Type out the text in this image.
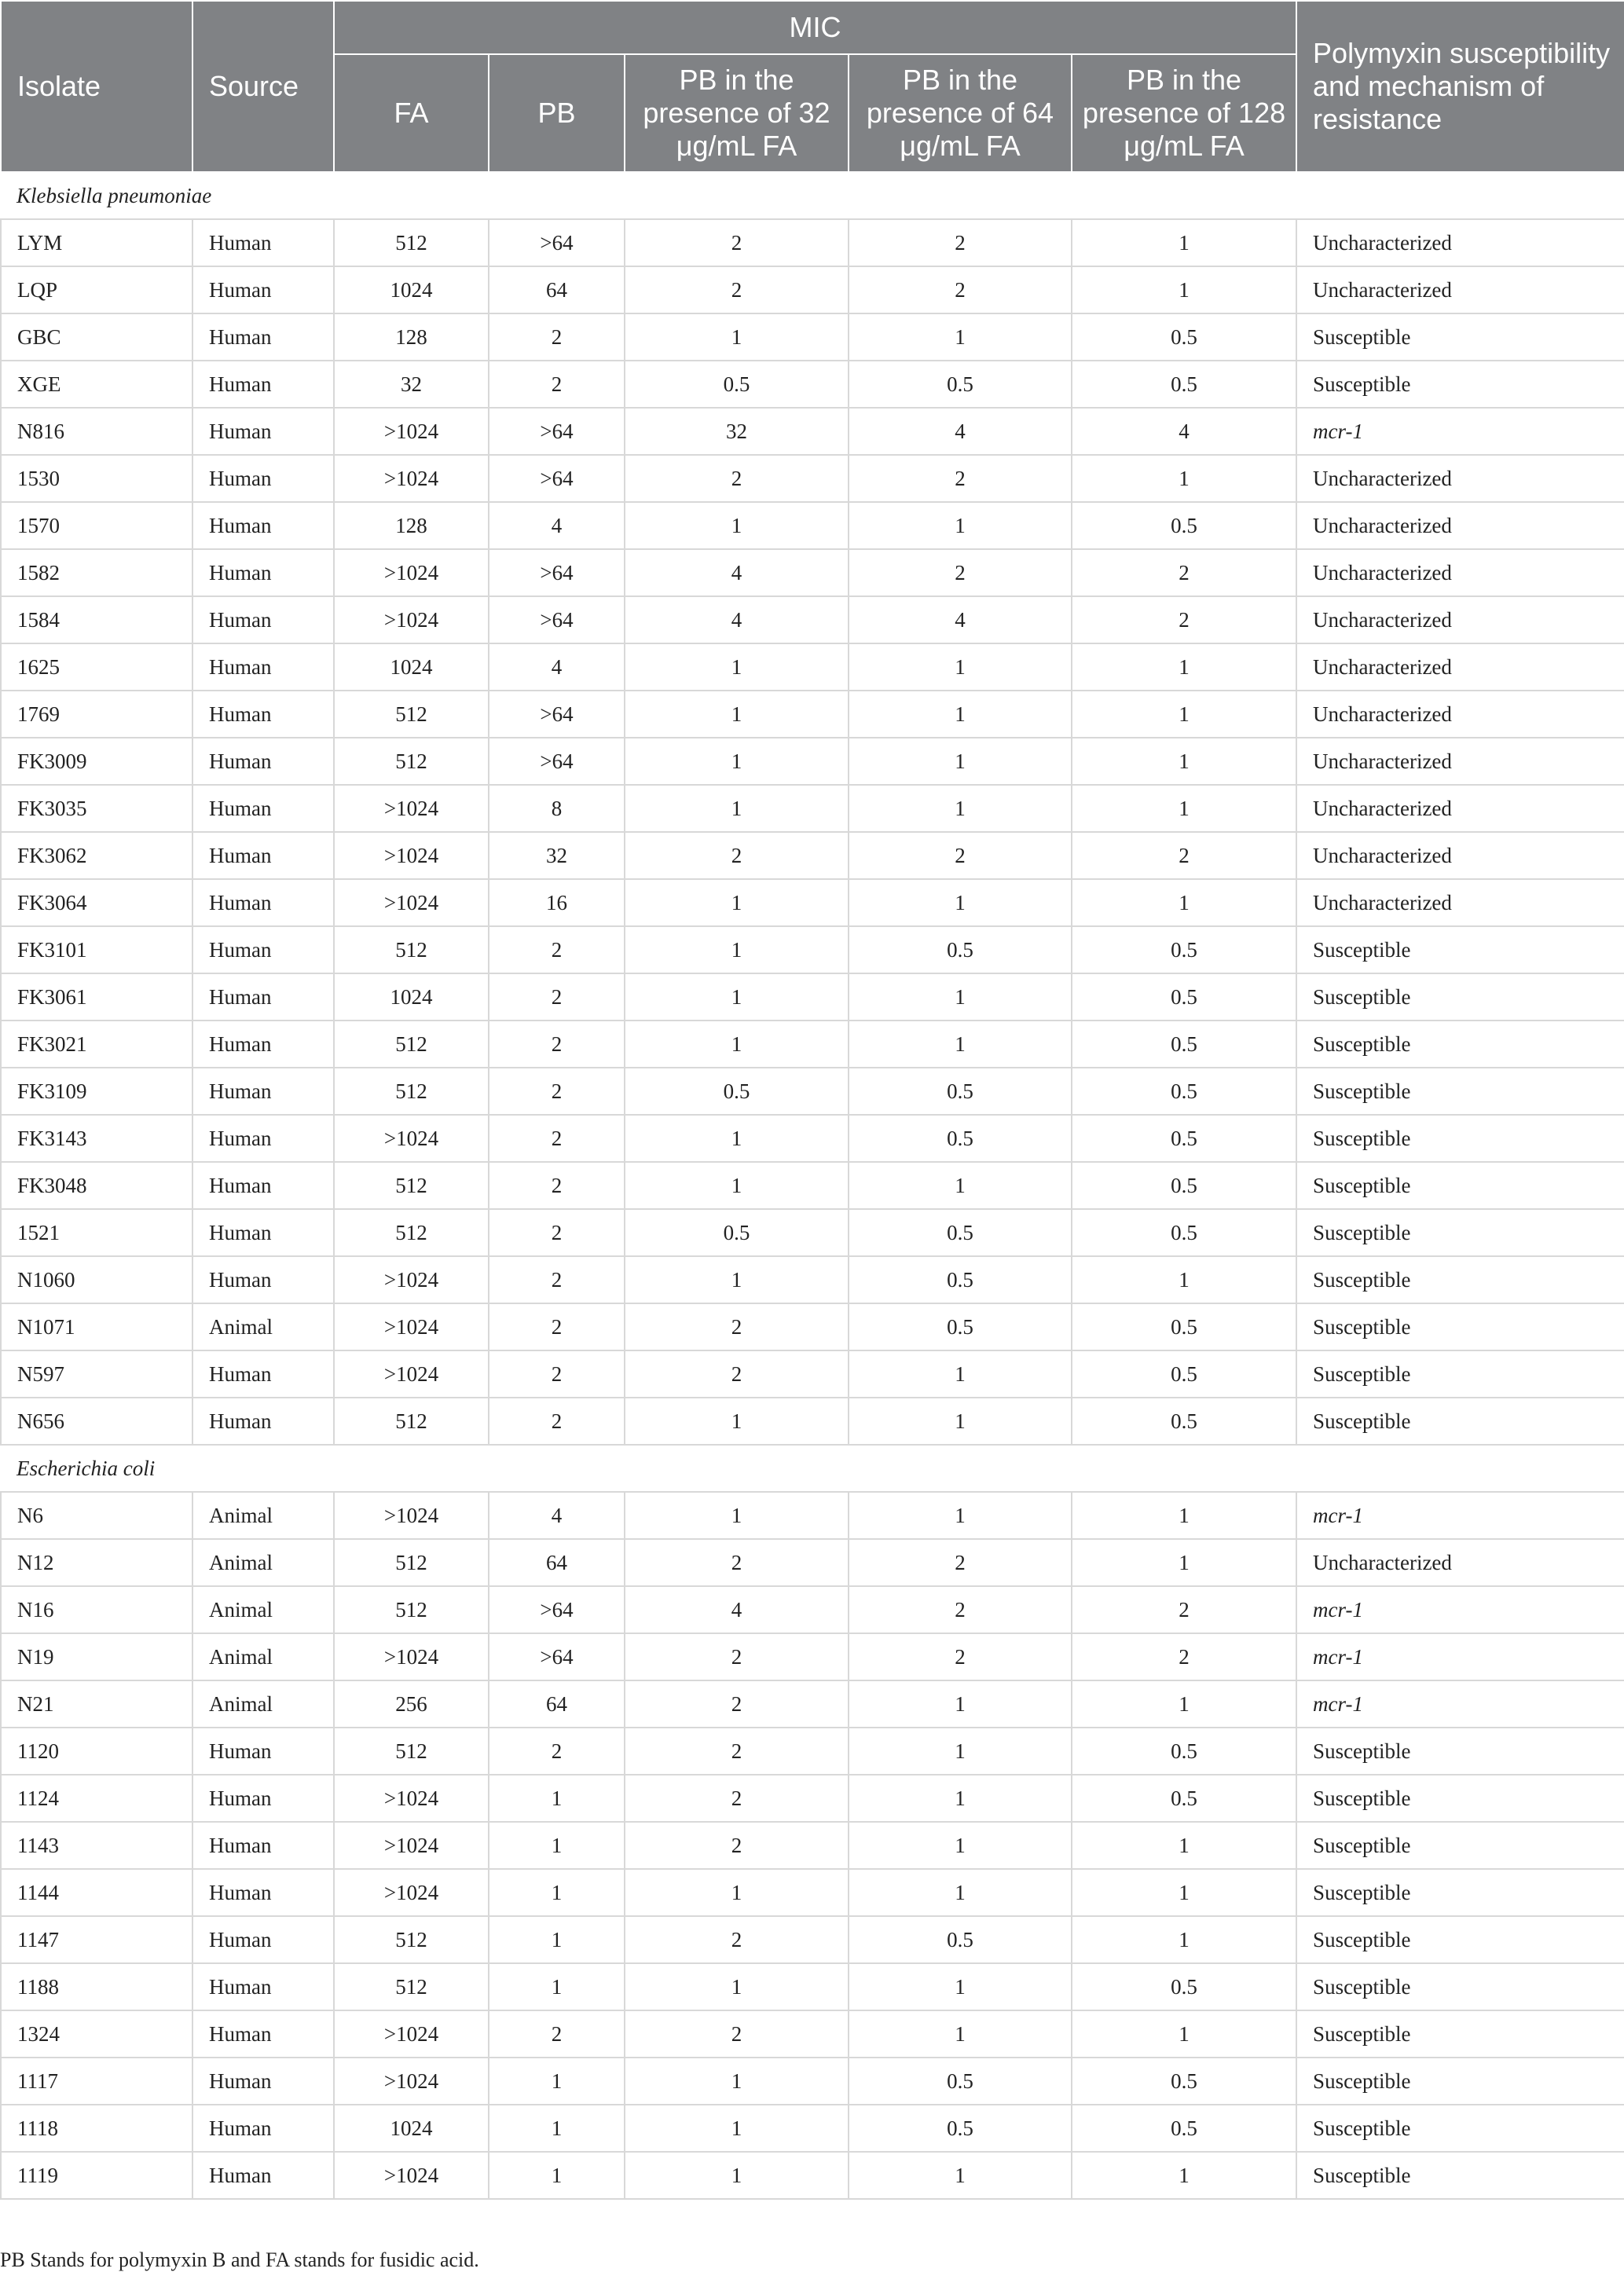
Isolate	Source	MIC					Polymyxin susceptibility and mechanism of resistance
		FA	PB	PB in the presence of 32 μg/mL FA	PB in the presence of 64 μg/mL FA	PB in the presence of 128 μg/mL FA	
Klebsiella pneumoniae							
LYM	Human	512	>64	2	2	1	Uncharacterized
LQP	Human	1024	64	2	2	1	Uncharacterized
GBC	Human	128	2	1	1	0.5	Susceptible
XGE	Human	32	2	0.5	0.5	0.5	Susceptible
N816	Human	>1024	>64	32	4	4	mcr-1
1530	Human	>1024	>64	2	2	1	Uncharacterized
1570	Human	128	4	1	1	0.5	Uncharacterized
1582	Human	>1024	>64	4	2	2	Uncharacterized
1584	Human	>1024	>64	4	4	2	Uncharacterized
1625	Human	1024	4	1	1	1	Uncharacterized
1769	Human	512	>64	1	1	1	Uncharacterized
FK3009	Human	512	>64	1	1	1	Uncharacterized
FK3035	Human	>1024	8	1	1	1	Uncharacterized
FK3062	Human	>1024	32	2	2	2	Uncharacterized
FK3064	Human	>1024	16	1	1	1	Uncharacterized
FK3101	Human	512	2	1	0.5	0.5	Susceptible
FK3061	Human	1024	2	1	1	0.5	Susceptible
FK3021	Human	512	2	1	1	0.5	Susceptible
FK3109	Human	512	2	0.5	0.5	0.5	Susceptible
FK3143	Human	>1024	2	1	0.5	0.5	Susceptible
FK3048	Human	512	2	1	1	0.5	Susceptible
1521	Human	512	2	0.5	0.5	0.5	Susceptible
N1060	Human	>1024	2	1	0.5	1	Susceptible
N1071	Animal	>1024	2	2	0.5	0.5	Susceptible
N597	Human	>1024	2	2	1	0.5	Susceptible
N656	Human	512	2	1	1	0.5	Susceptible
Escherichia coli							
N6	Animal	>1024	4	1	1	1	mcr-1
N12	Animal	512	64	2	2	1	Uncharacterized
N16	Animal	512	>64	4	2	2	mcr-1
N19	Animal	>1024	>64	2	2	2	mcr-1
N21	Animal	256	64	2	1	1	mcr-1
1120	Human	512	2	2	1	0.5	Susceptible
1124	Human	>1024	1	2	1	0.5	Susceptible
1143	Human	>1024	1	2	1	1	Susceptible
1144	Human	>1024	1	1	1	1	Susceptible
1147	Human	512	1	2	0.5	1	Susceptible
1188	Human	512	1	1	1	0.5	Susceptible
1324	Human	>1024	2	2	1	1	Susceptible
1117	Human	>1024	1	1	0.5	0.5	Susceptible
1118	Human	1024	1	1	0.5	0.5	Susceptible
1119	Human	>1024	1	1	1	1	Susceptible
PB Stands for polymyxin B and FA stands for fusidic acid.
